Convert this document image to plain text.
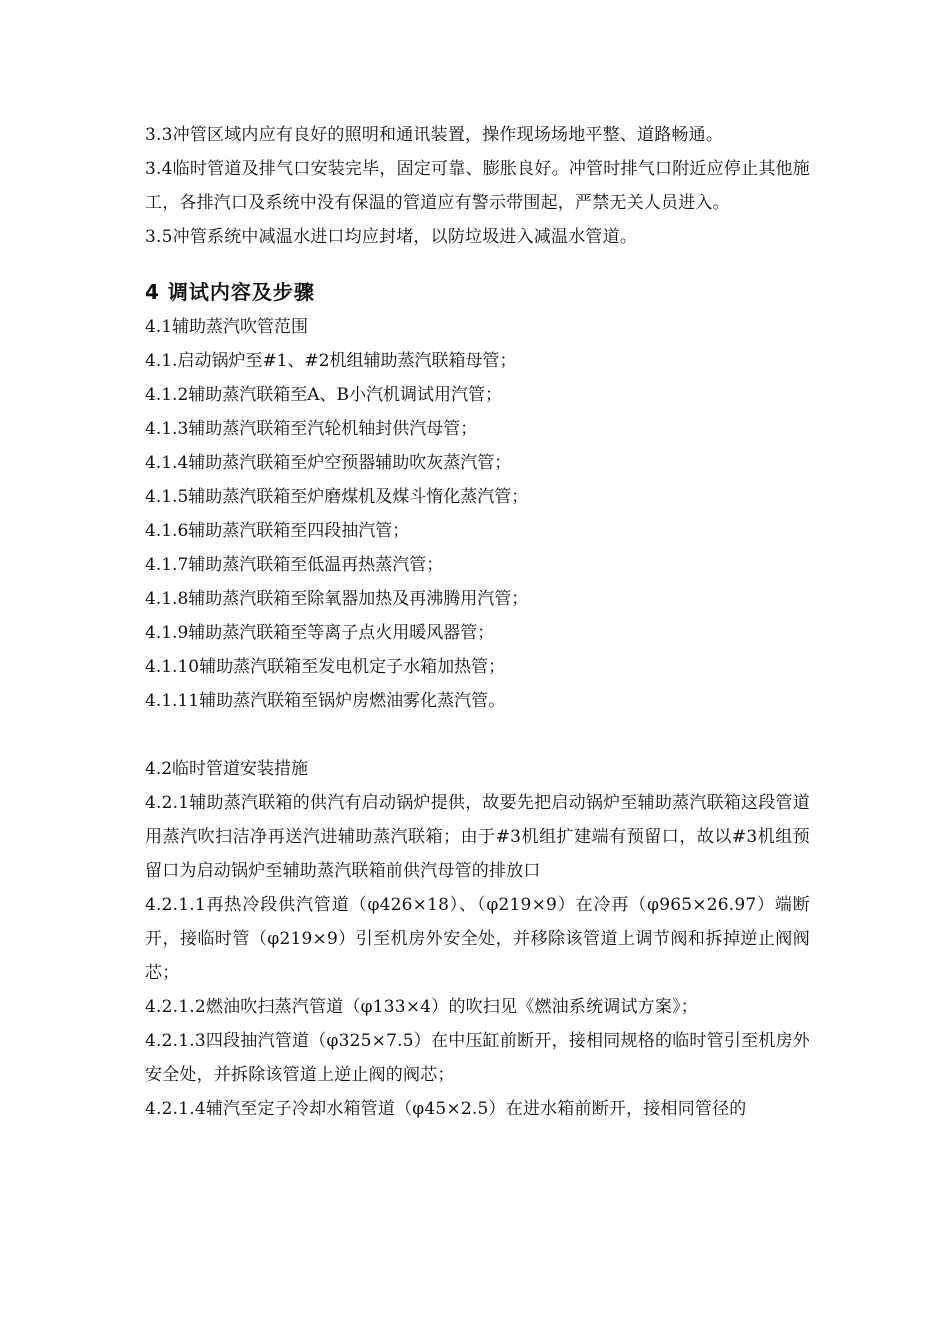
3.3冲管区域内应有良好的照明和通讯装置，操作现场场地平整、道路畅通。

3.4临时管道及排气口安装完毕，固定可靠、膨胀良好。冲管时排气口附近应停止其他施工，各排汽口及系统中没有保温的管道应有警示带围起，严禁无关人员进入。

3.5冲管系统中减温水进口均应封堵，以防垃圾进入减温水管道。

4 调试内容及步骤

4.1辅助蒸汽吹管范围

4.1.启动锅炉至#1、#2机组辅助蒸汽联箱母管；

4.1.2辅助蒸汽联箱至A、B小汽机调试用汽管；

4.1.3辅助蒸汽联箱至汽轮机轴封供汽母管；

4.1.4辅助蒸汽联箱至炉空预器辅助吹灰蒸汽管；

4.1.5辅助蒸汽联箱至炉磨煤机及煤斗惰化蒸汽管；

4.1.6辅助蒸汽联箱至四段抽汽管；

4.1.7辅助蒸汽联箱至低温再热蒸汽管；

4.1.8辅助蒸汽联箱至除氧器加热及再沸腾用汽管；

4.1.9辅助蒸汽联箱至等离子点火用暖风器管；

4.1.10辅助蒸汽联箱至发电机定子水箱加热管；

4.1.11辅助蒸汽联箱至锅炉房燃油雾化蒸汽管。

4.2临时管道安装措施

4.2.1辅助蒸汽联箱的供汽有启动锅炉提供，故要先把启动锅炉至辅助蒸汽联箱这段管道用蒸汽吹扫洁净再送汽进辅助蒸汽联箱；由于#3机组扩建端有预留口，故以#3机组预留口为启动锅炉至辅助蒸汽联箱前供汽母管的排放口

4.2.1.1再热冷段供汽管道（φ426×18）、（φ219×9）在冷再（φ965×26.97）端断开，接临时管（φ219×9）引至机房外安全处，并移除该管道上调节阀和拆掉逆止阀阀芯；

4.2.1.2燃油吹扫蒸汽管道（φ133×4）的吹扫见《燃油系统调试方案》；

4.2.1.3四段抽汽管道（φ325×7.5）在中压缸前断开，接相同规格的临时管引至机房外安全处，并拆除该管道上逆止阀的阀芯；

4.2.1.4辅汽至定子冷却水箱管道（φ45×2.5）在进水箱前断开，接相同管径的
